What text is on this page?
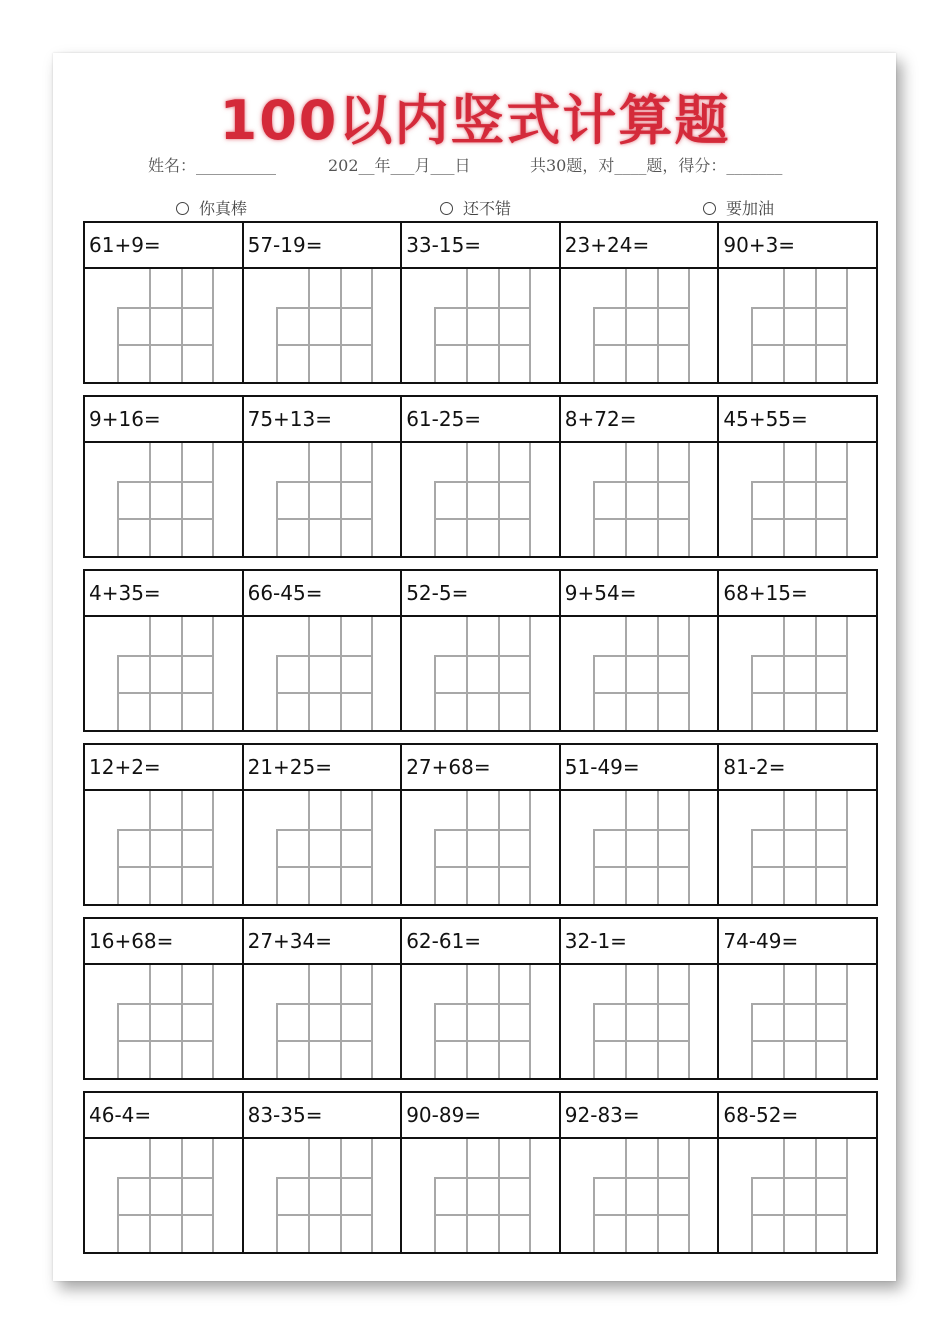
100以内竖式计算题
姓名：__________	202__年___月___日	共30题，对____题，得分：_______
你真棒	还不错	要加油
61+9=	57-19=	33-15=	23+24=	90+3=
9+16=	75+13=	61-25=	8+72=	45+55=
4+35=	66-45=	52-5=	9+54=	68+15=
12+2=	21+25=	27+68=	51-49=	81-2=
16+68=	27+34=	62-61=	32-1=	74-49=
46-4=	83-35=	90-89=	92-83=	68-52=
